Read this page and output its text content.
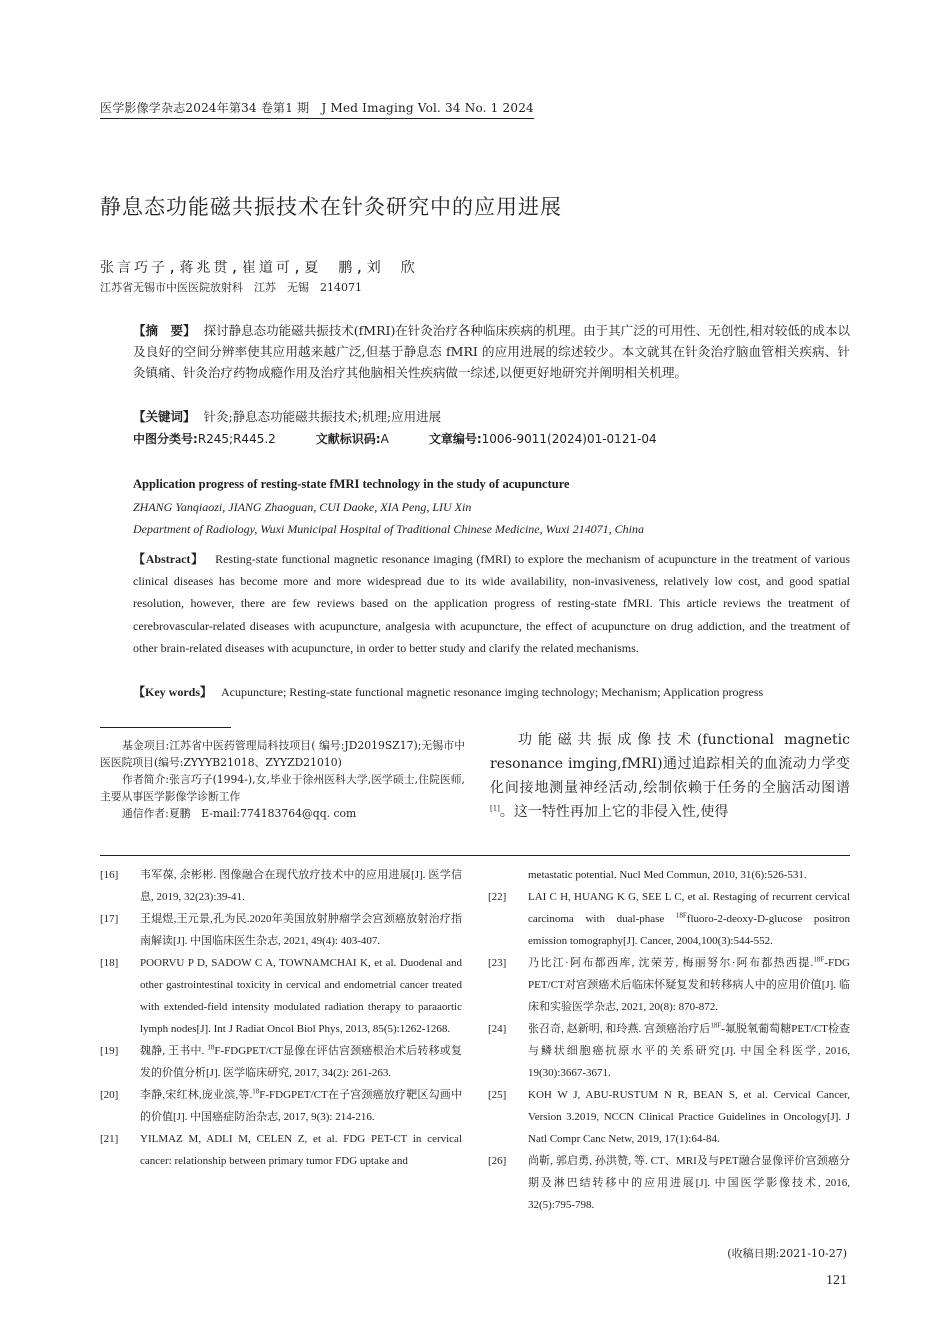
医学影像学杂志2024年第34 卷第1 期　J Med Imaging Vol. 34 No. 1 2024
静息态功能磁共振技术在针灸研究中的应用进展
张言巧子,蒋兆贯,崔道可,夏　鹏,刘　欣
江苏省无锡市中医医院放射科　江苏　无锡　214071
【摘　要】 探讨静息态功能磁共振技术(fMRI)在针灸治疗各种临床疾病的机理。由于其广泛的可用性、无创性,相对较低的成本以及良好的空间分辨率使其应用越来越广泛,但基于静息态 fMRI 的应用进展的综述较少。本文就其在针灸治疗脑血管相关疾病、针灸镇痛、针灸治疗药物成瘾作用及治疗其他脑相关性疾病做一综述,以便更好地研究并阐明相关机理。
【关键词】 针灸;静息态功能磁共振技术;机理;应用进展
中图分类号:R245;R445.2	文献标识码:A	文章编号:1006-9011(2024)01-0121-04
Application progress of resting-state fMRI technology in the study of acupuncture
ZHANG Yanqiaozi, JIANG Zhaoguan, CUI Daoke, XIA Peng, LIU Xin
Department of Radiology, Wuxi Municipal Hospital of Traditional Chinese Medicine, Wuxi 214071, China
【Abstract】 Resting-state functional magnetic resonance imaging (fMRI) to explore the mechanism of acupuncture in the treatment of various clinical diseases has become more and more widespread due to its wide availability, non-invasiveness, relatively low cost, and good spatial resolution, however, there are few reviews based on the application progress of resting-state fMRI. This article reviews the treatment of cerebrovascular-related diseases with acupuncture, analgesia with acupuncture, the effect of acupuncture on drug addiction, and the treatment of other brain-related diseases with acupuncture, in order to better study and clarify the related mechanisms.
【Key words】 Acupuncture; Resting-state functional magnetic resonance imging technology; Mechanism; Application progress

基金项目:江苏省中医药管理局科技项目( 编号:JD2019SZ17);无锡市中医医院项目(编号:ZYYYB21018、ZYYZD21010)

作者简介:张言巧子(1994-),女,毕业于徐州医科大学,医学硕士,住院医师,主要从事医学影像学诊断工作

通信作者:夏鹏　E-mail:774183764@qq. com

功能磁共振成像技术(functional magnetic resonance imging,fMRI)通过追踪相关的血流动力学变化间接地测量神经活动,绘制依赖于任务的全脑活动图谱[1]。这一特性再加上它的非侵入性,使得

[16]	韦军葆, 余彬彬. 图像融合在现代放疗技术中的应用进展[J]. 医学信息, 2019, 32(23):39-41.
[17]	王焜煜,王元景,孔为民.2020年美国放射肿瘤学会宫颈癌放射治疗指南解读[J]. 中国临床医生杂志, 2021, 49(4): 403-407.
[18]	POORVU P D, SADOW C A, TOWNAMCHAI K, et al. Duodenal and other gastrointestinal toxicity in cervical and endometrial cancer treated with extended-field intensity modulated radiation therapy to paraaortic lymph nodes[J]. Int J Radiat Oncol Biol Phys, 2013, 85(5):1262-1268.
[19]	魏静, 王书中. $^{18}$F-FDGPET/CT显像在评估宫颈癌根治术后转移或复发的价值分析[J]. 医学临床研究, 2017, 34(2): 261-263.
[20]	李静,宋红林,庞业滨,等.$^{18}$F-FDGPET/CT在子宫颈癌放疗靶区勾画中的价值[J]. 中国癌症防治杂志, 2017, 9(3): 214-216.
[21]	YILMAZ M, ADLI M, CELEN Z, et al. FDG PET-CT in cervical cancer: relationship between primary tumor FDG uptake and
metastatic potential. Nucl Med Commun, 2010, 31(6):526-531.
[22]	LAI C H, HUANG K G, SEE L C, et al. Restaging of recurrent cervical carcinoma with dual-phase $^{18F}$fluoro-2-deoxy-D-glucose positron emission tomography[J]. Cancer, 2004,100(3):544-552.
[23]	乃比江·阿布都西库, 沈荣芳, 梅丽努尔·阿布都热西提.$^{18F}$-FDG PET/CT对宫颈癌术后临床怀疑复发和转移病人中的应用价值[J]. 临床和实验医学杂志, 2021, 20(8): 870-872.
[24]	张召奇, 赵新明, 和玲燕. 宫颈癌治疗后$^{18F}$-氟脱氧葡萄糖PET/CT检查与鳞状细胞癌抗原水平的关系研究[J]. 中国全科医学, 2016, 19(30):3667-3671.
[25]	KOH W J, ABU-RUSTUM N R, BEAN S, et al. Cervical Cancer, Version 3.2019, NCCN Clinical Practice Guidelines in Oncology[J]. J Natl Compr Canc Netw, 2019, 17(1):64-84.
[26]	尚靳, 郭启勇, 孙洪赞, 等. CT、MRI及与PET融合显像评价宫颈癌分期及淋巴结转移中的应用进展[J]. 中国医学影像技术, 2016, 32(5):795-798.
(收稿日期:2021-10-27)
121
